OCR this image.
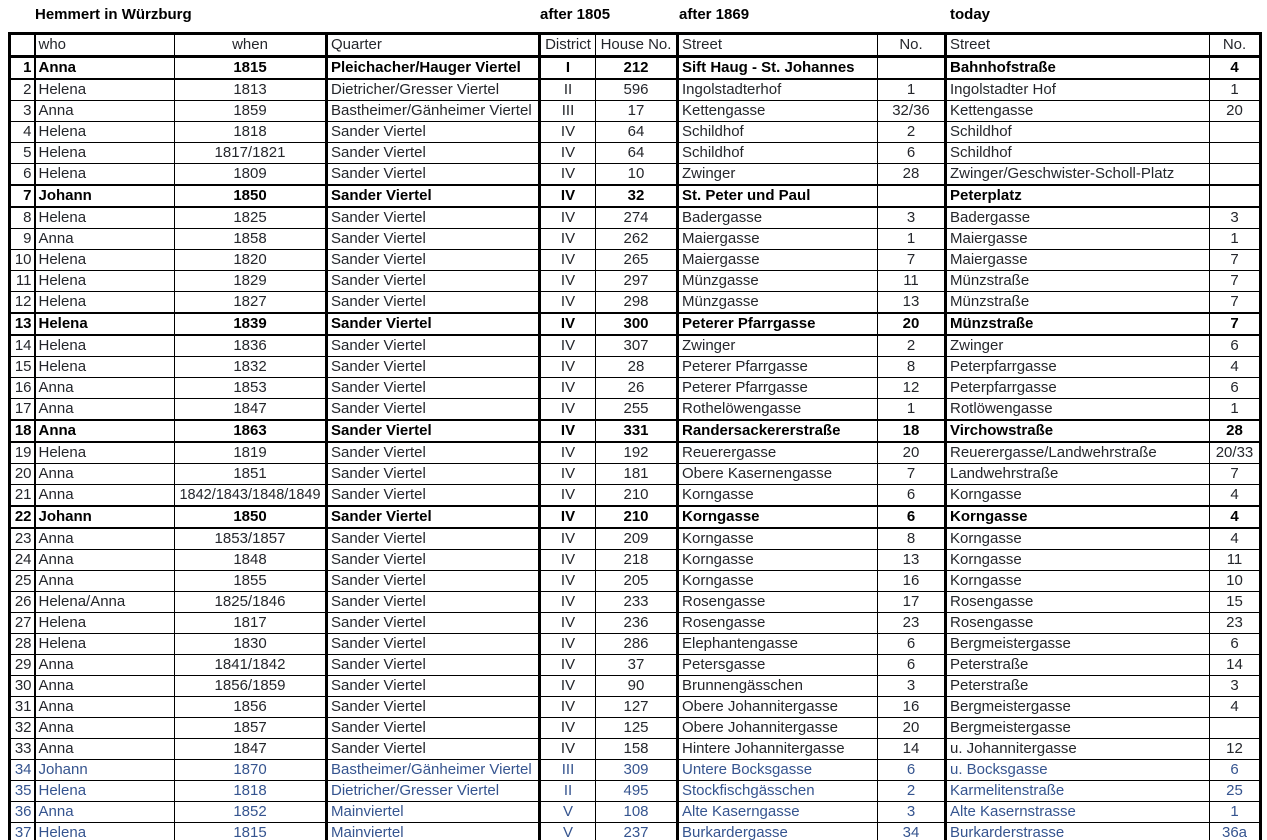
Hemmert in Würzburg	after 1805	after 1869	today
	who	when	Quarter	District	House No.	Street	No.	Street	No.
1	Anna	1815	Pleichacher/Hauger Viertel	I	212	Sift Haug - St. Johannes		Bahnhofstraße	4
2	Helena	1813	Dietricher/Gresser Viertel	II	596	Ingolstadterhof	1	Ingolstadter Hof	1
3	Anna	1859	Bastheimer/Gänheimer Viertel	III	17	Kettengasse	32/36	Kettengasse	20
4	Helena	1818	Sander Viertel	IV	64	Schildhof	2	Schildhof	
5	Helena	1817/1821	Sander Viertel	IV	64	Schildhof	6	Schildhof	
6	Helena	1809	Sander Viertel	IV	10	Zwinger	28	Zwinger/Geschwister-Scholl-Platz	
7	Johann	1850	Sander Viertel	IV	32	St. Peter und Paul		Peterplatz	
8	Helena	1825	Sander Viertel	IV	274	Badergasse	3	Badergasse	3
9	Anna	1858	Sander Viertel	IV	262	Maiergasse	1	Maiergasse	1
10	Helena	1820	Sander Viertel	IV	265	Maiergasse	7	Maiergasse	7
11	Helena	1829	Sander Viertel	IV	297	Münzgasse	11	Münzstraße	7
12	Helena	1827	Sander Viertel	IV	298	Münzgasse	13	Münzstraße	7
13	Helena	1839	Sander Viertel	IV	300	Peterer Pfarrgasse	20	Münzstraße	7
14	Helena	1836	Sander Viertel	IV	307	Zwinger	2	Zwinger	6
15	Helena	1832	Sander Viertel	IV	28	Peterer Pfarrgasse	8	Peterpfarrgasse	4
16	Anna	1853	Sander Viertel	IV	26	Peterer Pfarrgasse	12	Peterpfarrgasse	6
17	Anna	1847	Sander Viertel	IV	255	Rothelöwengasse	1	Rotlöwengasse	1
18	Anna	1863	Sander Viertel	IV	331	Randersackererstraße	18	Virchowstraße	28
19	Helena	1819	Sander Viertel	IV	192	Reuerergasse	20	Reuerergasse/Landwehrstraße	20/33
20	Anna	1851	Sander Viertel	IV	181	Obere Kasernengasse	7	Landwehrstraße	7
21	Anna	1842/1843/1848/1849	Sander Viertel	IV	210	Korngasse	6	Korngasse	4
22	Johann	1850	Sander Viertel	IV	210	Korngasse	6	Korngasse	4
23	Anna	1853/1857	Sander Viertel	IV	209	Korngasse	8	Korngasse	4
24	Anna	1848	Sander Viertel	IV	218	Korngasse	13	Korngasse	11
25	Anna	1855	Sander Viertel	IV	205	Korngasse	16	Korngasse	10
26	Helena/Anna	1825/1846	Sander Viertel	IV	233	Rosengasse	17	Rosengasse	15
27	Helena	1817	Sander Viertel	IV	236	Rosengasse	23	Rosengasse	23
28	Helena	1830	Sander Viertel	IV	286	Elephantengasse	6	Bergmeistergasse	6
29	Anna	1841/1842	Sander Viertel	IV	37	Petersgasse	6	Peterstraße	14
30	Anna	1856/1859	Sander Viertel	IV	90	Brunnengässchen	3	Peterstraße	3
31	Anna	1856	Sander Viertel	IV	127	Obere Johannitergasse	16	Bergmeistergasse	4
32	Anna	1857	Sander Viertel	IV	125	Obere Johannitergasse	20	Bergmeistergasse	
33	Anna	1847	Sander Viertel	IV	158	Hintere Johannitergasse	14	u. Johannitergasse	12
34	Johann	1870	Bastheimer/Gänheimer Viertel	III	309	Untere Bocksgasse	6	u. Bocksgasse	6
35	Helena	1818	Dietricher/Gresser Viertel	II	495	Stockfischgässchen	2	Karmelitenstraße	25
36	Anna	1852	Mainviertel	V	108	Alte Kaserngasse	3	Alte Kasernstrasse	1
37	Helena	1815	Mainviertel	V	237	Burkardergasse	34	Burkarderstrasse	36a
